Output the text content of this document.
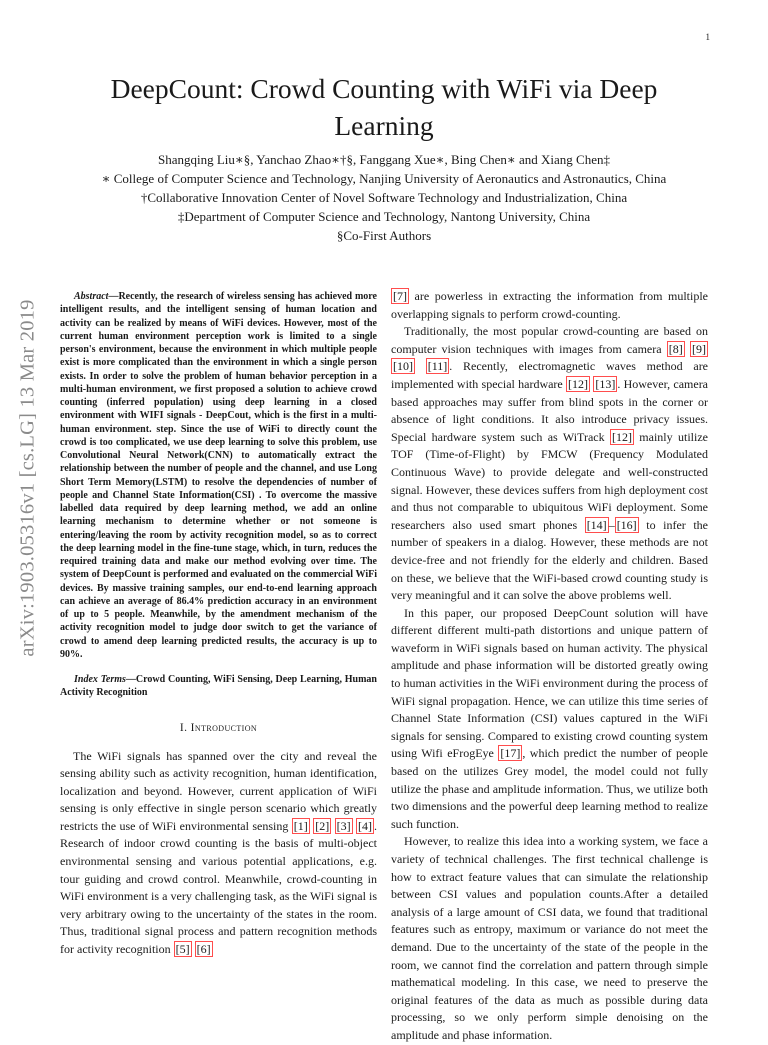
1
arXiv:1903.05316v1 [cs.LG] 13 Mar 2019
DeepCount: Crowd Counting with WiFi via Deep Learning
Shangqing Liu∗§, Yanchao Zhao∗†§, Fanggang Xue∗, Bing Chen∗ and Xiang Chen‡
∗ College of Computer Science and Technology, Nanjing University of Aeronautics and Astronautics, China
†Collaborative Innovation Center of Novel Software Technology and Industrialization, China
‡Department of Computer Science and Technology, Nantong University, China
§Co-First Authors

Abstract—Recently, the research of wireless sensing has achieved more intelligent results, and the intelligent sensing of human location and activity can be realized by means of WiFi devices. However, most of the current human environment perception work is limited to a single person's environment, because the environment in which multiple people exist is more complicated than the environment in which a single person exists. In order to solve the problem of human behavior perception in a multi-human environment, we first proposed a solution to achieve crowd counting (inferred population) using deep learning in a closed environment with WIFI signals - DeepCout, which is the first in a multi-human environment. step. Since the use of WiFi to directly count the crowd is too complicated, we use deep learning to solve this problem, use Convolutional Neural Network(CNN) to automatically extract the relationship between the number of people and the channel, and use Long Short Term Memory(LSTM) to resolve the dependencies of number of people and Channel State Information(CSI) . To overcome the massive labelled data required by deep learning method, we add an online learning mechanism to determine whether or not someone is entering/leaving the room by activity recognition model, so as to correct the deep learning model in the fine-tune stage, which, in turn, reduces the required training data and make our method evolving over time. The system of DeepCount is performed and evaluated on the commercial WiFi devices. By massive training samples, our end-to-end learning approach can achieve an average of 86.4% prediction accuracy in an environment of up to 5 people. Meanwhile, by the amendment mechanism of the activity recognition model to judge door switch to get the variance of crowd to amend deep learning predicted results, the accuracy is up to 90%.

Index Terms—Crowd Counting, WiFi Sensing, Deep Learning, Human Activity Recognition

I. Introduction

The WiFi signals has spanned over the city and reveal the sensing ability such as activity recognition, human identification, localization and beyond. However, current application of WiFi sensing is only effective in single person scenario which greatly restricts the use of WiFi environmental sensing [1] [2] [3] [4] . Research of indoor crowd counting is the basis of multi-object environmental sensing and various potential applications, e.g. tour guiding and crowd control. Meanwhile, crowd-counting in WiFi environment is a very challenging task, as the WiFi signal is very arbitrary owing to the uncertainty of the states in the room. Thus, traditional signal process and pattern recognition methods for activity recognition [5] [6]

[7] are powerless in extracting the information from multiple overlapping signals to perform crowd-counting.

Traditionally, the most popular crowd-counting are based on computer vision techniques with images from camera [8] [9] [10] [11] . Recently, electromagnetic waves method are implemented with special hardware [12] [13] . However, camera based approaches may suffer from blind spots in the corner or absence of light conditions. It also introduce privacy issues. Special hardware system such as WiTrack [12] mainly utilize TOF (Time-of-Flight) by FMCW (Frequency Modulated Continuous Wave) to provide delegate and well-constructed signal. However, these devices suffers from high deployment cost and thus not comparable to ubiquitous WiFi deployment. Some researchers also used smart phones [14] – [16] to infer the number of speakers in a dialog. However, these methods are not device-free and not friendly for the elderly and children. Based on these, we believe that the WiFi-based crowd counting study is very meaningful and it can solve the above problems well.

In this paper, our proposed DeepCount solution will have different different multi-path distortions and unique pattern of waveform in WiFi signals based on human activity. The physical amplitude and phase information will be distorted greatly owing to human activities in the WiFi environment during the process of WiFi signal propagation. Hence, we can utilize this time series of Channel State Information (CSI) values captured in the WiFi signals for sensing. Compared to existing crowd counting system using Wifi eFrogEye [17] , which predict the number of people based on the utilizes Grey model, the model could not fully utilize the phase and amplitude information. Thus, we utilize both two dimensions and the powerful deep learning method to realize such function.

However, to realize this idea into a working system, we face a variety of technical challenges. The first technical challenge is how to extract feature values that can simulate the relationship between CSI values and population counts.After a detailed analysis of a large amount of CSI data, we found that traditional features such as entropy, maximum or variance do not meet the demand. Due to the uncertainty of the state of the people in the room, we cannot find the correlation and pattern through simple mathematical modeling. In this case, we need to preserve the original features of the data as much as possible during data processing, so we only perform simple denoising on the amplitude and phase information.
